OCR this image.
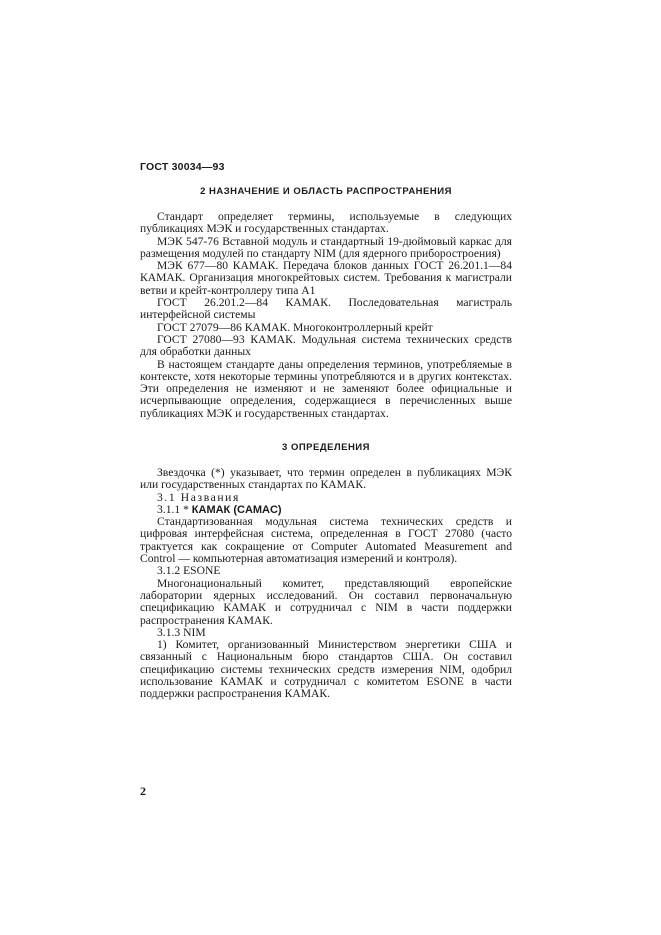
ГОСТ 30034—93
2 НАЗНАЧЕНИЕ И ОБЛАСТЬ РАСПРОСТРАНЕНИЯ

Стандарт определяет термины, используемые в следующих публикациях МЭК и государственных стандартах.

МЭК 547-76 Вставной модуль и стандартный 19-дюймовый каркас для размещения модулей по стандарту NIM (для ядерного приборостроения)

МЭК 677—80 КАМАК. Передача блоков данных ГОСТ 26.201.1—84 КАМАК. Организация многокрейтовых систем. Требования к магистрали ветви и крейт-контроллеру типа А1

ГОСТ 26.201.2—84 КАМАК. Последовательная магистраль интерфейсной системы

ГОСТ 27079—86 КАМАК. Многоконтроллерный крейт

ГОСТ 27080—93 КАМАК. Модульная система технических средств для обработки данных

В настоящем стандарте даны определения терминов, употребляемые в контексте, хотя некоторые термины употребляются и в других контекстах. Эти определения не изменяют и не заменяют более официальные и исчерпывающие определения, содержащиеся в перечисленных выше публикациях МЭК и государственных стандартах.

3 ОПРЕДЕЛЕНИЯ

Звездочка (*) указывает, что термин определен в публикациях МЭК или государственных стандартах по КАМАК.

3.1 Названия

3.1.1 * КАМАК (CAMAC)

Стандартизованная модульная система технических средств и цифровая интерфейсная система, определенная в ГОСТ 27080 (часто трактуется как сокращение от Computer Automated Measurement and Control — компьютерная автоматизация измерений и контроля).

3.1.2 ESONE

Многонациональный комитет, представляющий европейские лаборатории ядерных исследований. Он составил первоначальную спецификацию КАМАК и сотрудничал с NIM в части поддержки распространения КАМАК.

3.1.3 NIM

1) Комитет, организованный Министерством энергетики США и связанный с Национальным бюро стандартов США. Он составил спецификацию системы технических средств измерения NIM, одобрил использование КАМАК и сотрудничал с комитетом ESONE в части поддержки распространения КАМАК.

2
